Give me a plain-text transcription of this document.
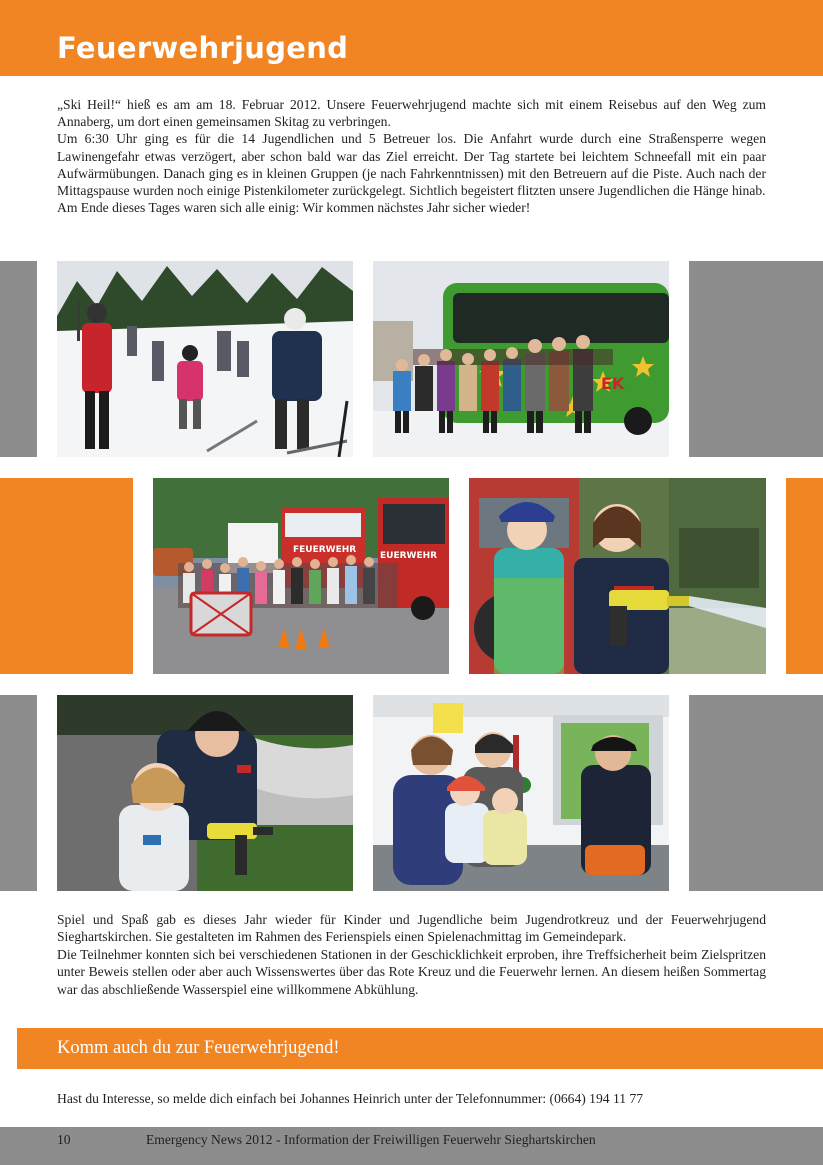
Feuerwehrjugend

„Ski Heil!“ hieß es am am 18. Februar 2012. Unsere Feuerwehrjugend machte sich mit einem Reisebus auf den Weg zum Annaberg, um dort einen gemeinsamen Skitag zu verbringen.

Um 6:30 Uhr ging es für die 14 Jugendlichen und 5 Betreuer los. Die Anfahrt wurde durch eine Straßensperre wegen Lawinengefahr etwas verzögert, aber schon bald war das Ziel erreicht. Der Tag startete bei leichtem Schneefall mit ein paar Aufwärmübungen. Danach ging es in kleinen Gruppen (je nach Fahrkenntnissen) mit den Betreuern auf die Piste. Auch nach der Mittagspause wurden noch einige Pistenkilometer zurückgelegt. Sichtlich begeistert flitzten unsere Jugendlichen die Hänge hinab.

Am Ende dieses Tages waren sich alle einig: Wir kommen nächstes Jahr sicher wieder!

EK
FEUERWEHR
EUERWEHR

Spiel und Spaß gab es dieses Jahr wieder für Kinder und Jugendliche beim Jugendrotkreuz und der Feuerwehrjugend Sieghartskirchen. Sie gestalteten im Rahmen des Ferienspiels einen Spielenachmittag im Gemeindepark.

Die Teilnehmer konnten sich bei verschiedenen Stationen in der Geschicklichkeit erproben, ihre Treffsicherheit beim Zielspritzen unter Beweis stellen oder aber auch Wissenswertes über das Rote Kreuz und die Feuerwehr lernen. An diesem heißen Sommertag war das abschließende Wasserspiel eine willkommene Abkühlung.

Komm auch du zur Feuerwehrjugend!
Hast du Interesse, so melde dich einfach bei Johannes Heinrich unter der Telefonnummer: (0664) 194 11 77
10	Emergency News 2012 - Information der Freiwilligen Feuerwehr Sieghartskirchen
